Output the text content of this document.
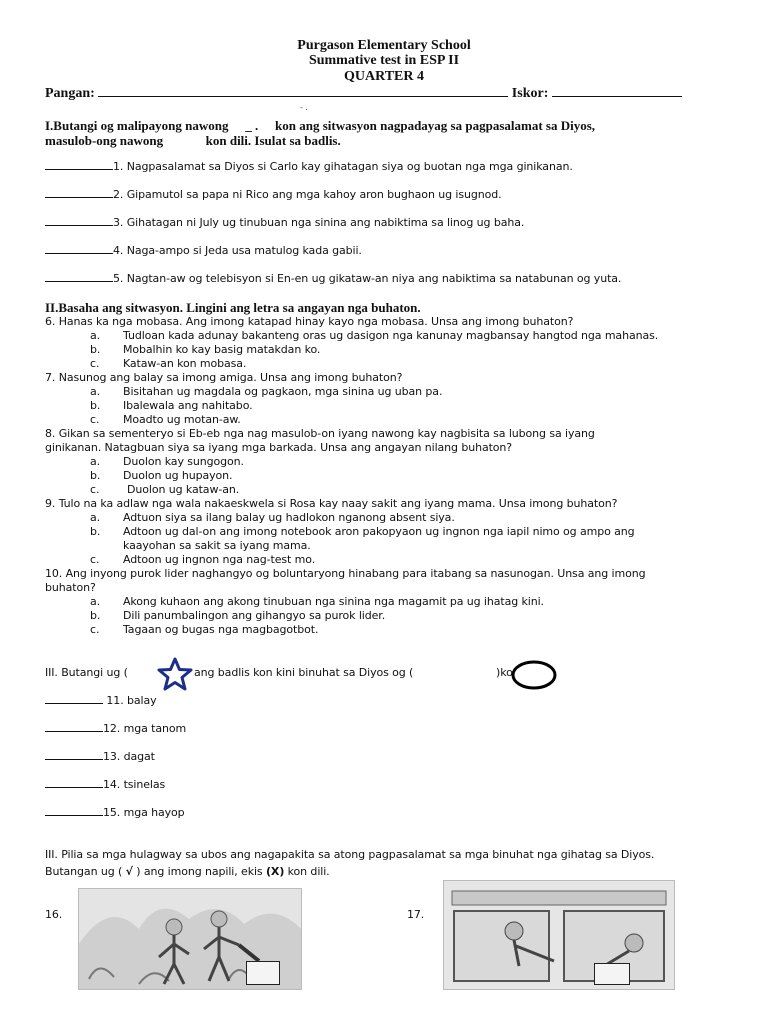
Purgason Elementary School
Summative test in ESP II
QUARTER 4
Pangan:	Iskor:
- .
I.Butangi og malipayong nawong _ . kon ang sitwasyon nagpadayag sa pagpasalamat sa Diyos,
masulob-ong nawong	kon dili. Isulat sa badlis.
1. Nagpasalamat sa Diyos si Carlo kay gihatagan siya og buotan nga mga ginikanan.
2. Gipamutol sa papa ni Rico ang mga kahoy aron bughaon ug isugnod.
3. Gihatagan ni July ug tinubuan nga sinina ang nabiktima sa linog ug baha.
4. Naga-ampo si Jeda usa matulog kada gabii.
5. Nagtan-aw og telebisyon si En-en ug gikataw-an niya ang nabiktima sa natabunan og yuta.
II.Basaha ang sitwasyon. Lingini ang letra sa angayan nga buhaton.
6. Hanas ka nga mobasa. Ang imong katapad hinay kayo nga mobasa. Unsa ang imong buhaton?
a. Tudloan kada adunay bakanteng oras ug dasigon nga kanunay magbansay hangtod nga mahanas.
b. Mobalhin ko kay basig matakdan ko.
c. Kataw-an kon mobasa.
7. Nasunog ang balay sa imong amiga. Unsa ang imong buhaton?
a. Bisitahan ug magdala og pagkaon, mga sinina ug uban pa.
b. Ibalewala ang nahitabo.
c. Moadto ug motan-aw.
8. Gikan sa sementeryo si Eb-eb nga nag masulob-on iyang nawong kay nagbisita sa lubong sa iyang
ginikanan. Natagbuan siya sa iyang mga barkada. Unsa ang angayan nilang buhaton?
a. Duolon kay sungogon.
b. Duolon ug hupayon.
c.	Duolon ug kataw-an.
9. Tulo na ka adlaw nga wala nakaeskwela si Rosa kay naay sakit ang iyang mama. Unsa imong buhaton?
a. Adtuon siya sa ilang balay ug hadlokon nganong absent siya.
b. Adtoon ug dal-on ang imong notebook aron pakopyaon ug ingnon nga iapil nimo og ampo ang
kaayohan sa sakit sa iyang mama.
c. Adtoon ug ingnon nga nag-test mo.
10. Ang inyong purok lider naghangyo og boluntaryong hinabang para itabang sa nasunogan. Unsa ang imong
buhaton?
a. Akong kuhaon ang akong tinubuan nga sinina nga magamit pa ug ihatag kini.
b. Dili panumbalingon ang gihangyo sa purok lider.
c. Tagaan og bugas nga magbagotbot.
III. Butangi ug (	ang badlis kon kini binuhat sa Diyos og (	)ko
11. balay
12. mga tanom
13. dagat
14. tsinelas
15. mga hayop
III. Pilia sa mga hulagway sa ubos ang nagapakita sa atong pagpasalamat sa mga binuhat nga gihatag sa Diyos.
Butangan ug ( √ ) ang imong napili, ekis (X) kon dili.
16.	17.
